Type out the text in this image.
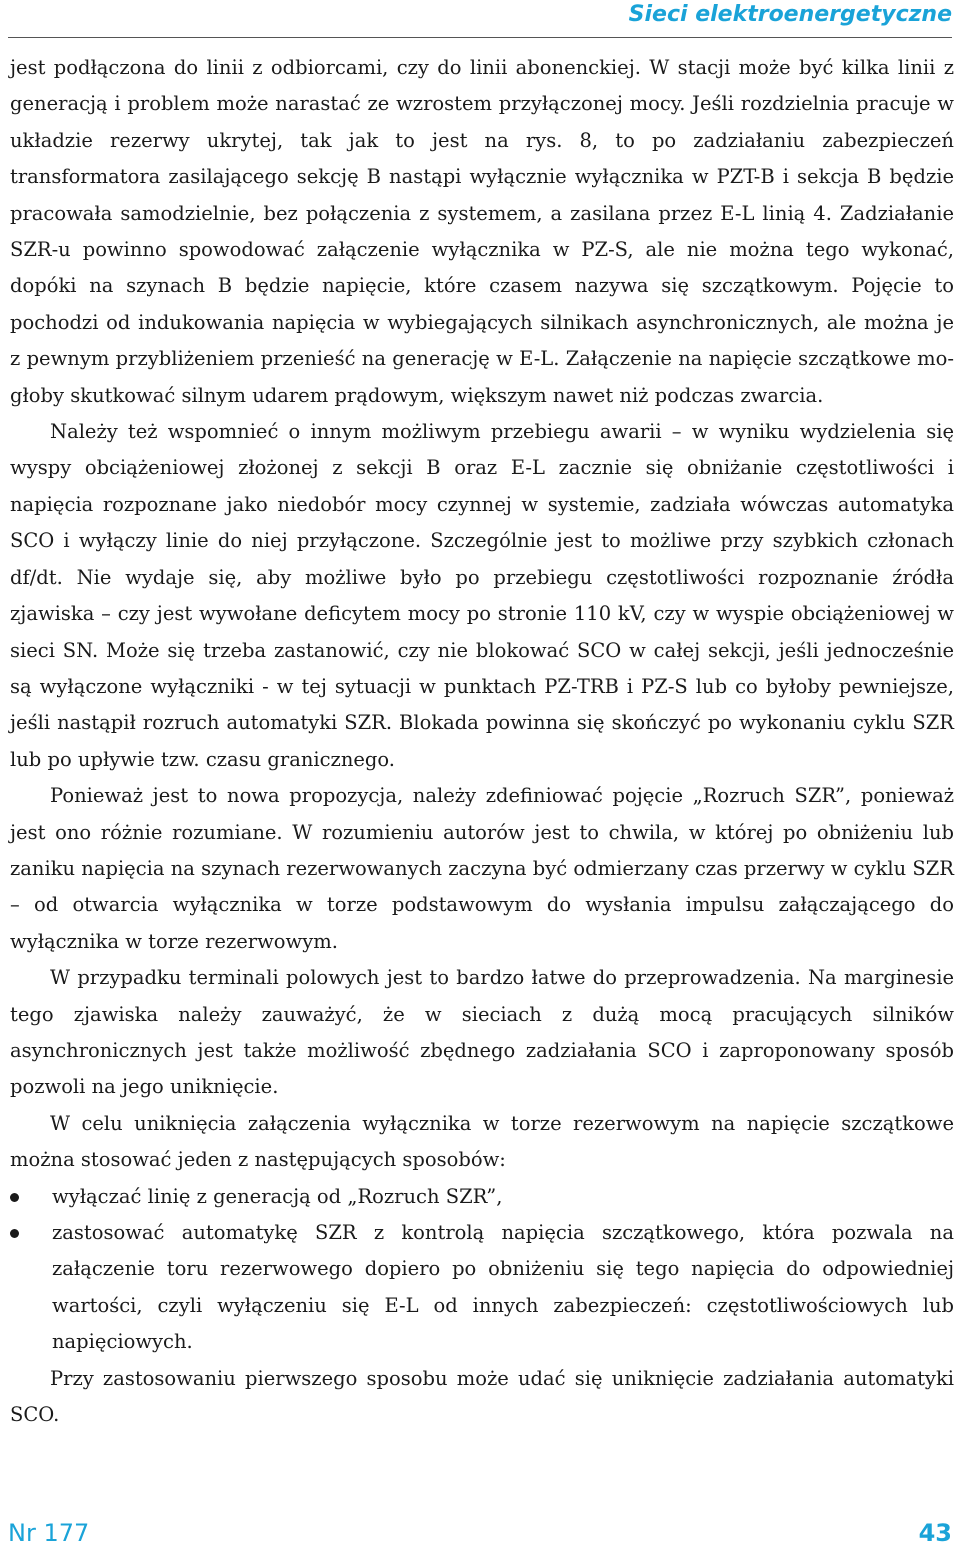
Sieci elektroenergetyczne

jest podłączona do linii z odbiorcami, czy do linii abonenckiej. W stacji może być kilka linii z generacją i problem może narastać ze wzrostem przyłączonej mocy. Jeśli rozdzielnia pracuje w układzie rezerwy ukrytej, tak jak to jest na rys. 8, to po zadziałaniu zabezpieczeń transformatora zasilającego sekcję B nastąpi wyłącznie wyłącznika w PZT-B i sekcja B będzie pracowała samodzielnie, bez połączenia z systemem, a zasilana przez E-L linią 4. Zadziałanie SZR-u powinno spowodować załączenie wyłącznika w PZ-S, ale nie można tego wykonać, dopóki na szynach B będzie napięcie, które czasem nazywa się szczątkowym. Pojęcie to pochodzi od indukowania napięcia w wybiegających silnikach asynchronicznych, ale można je z pewnym przybliżeniem przenieść na generację w E-L. Załączenie na napięcie szczątkowe mogłoby skutkować silnym udarem prądowym, większym nawet niż podczas zwarcia.

Należy też wspomnieć o innym możliwym przebiegu awarii – w wyniku wydzielenia się wyspy obciążeniowej złożonej z sekcji B oraz E-L zacznie się obniżanie częstotliwości i napięcia rozpoznane jako niedobór mocy czynnej w systemie, zadziała wówczas automatyka SCO i wyłączy linie do niej przyłączone. Szczególnie jest to możliwe przy szybkich członach df/dt. Nie wydaje się, aby możliwe było po przebiegu częstotliwości rozpoznanie źródła zjawiska – czy jest wywołane deficytem mocy po stronie 110 kV, czy w wyspie obciążeniowej w sieci SN. Może się trzeba zastanowić, czy nie blokować SCO w całej sekcji, jeśli jednocześnie są wyłączone wyłączniki - w tej sytuacji w punktach PZ-TRB i PZ-S lub co byłoby pewniejsze, jeśli nastąpił rozruch automatyki SZR. Blokada powinna się skończyć po wykonaniu cyklu SZR lub po upływie tzw. czasu granicznego.

Ponieważ jest to nowa propozycja, należy zdefiniować pojęcie „Rozruch SZR”, ponieważ jest ono różnie rozumiane. W rozumieniu autorów jest to chwila, w której po obniżeniu lub zaniku napięcia na szynach rezerwowanych zaczyna być odmierzany czas przerwy w cyklu SZR – od otwarcia wyłącznika w torze podstawowym do wysłania impulsu załączającego do wyłącznika w torze rezerwowym.

W przypadku terminali polowych jest to bardzo łatwe do przeprowadzenia. Na marginesie tego zjawiska należy zauważyć, że w sieciach z dużą mocą pracujących silników asynchronicznych jest także możliwość zbędnego zadziałania SCO i zaproponowany sposób pozwoli na jego uniknięcie.

W celu uniknięcia załączenia wyłącznika w torze rezerwowym na napięcie szczątkowe można stosować jeden z następujących sposobów:

wyłączać linię z generacją od „Rozruch SZR”,
zastosować automatykę SZR z kontrolą napięcia szczątkowego, która pozwala na załączenie toru rezerwowego dopiero po obniżeniu się tego napięcia do odpowiedniej wartości, czyli wyłączeniu się E-L od innych zabezpieczeń: częstotliwościowych lub napięciowych.

Przy zastosowaniu pierwszego sposobu może udać się uniknięcie zadziałania automatyki SCO.

Nr 177	43
